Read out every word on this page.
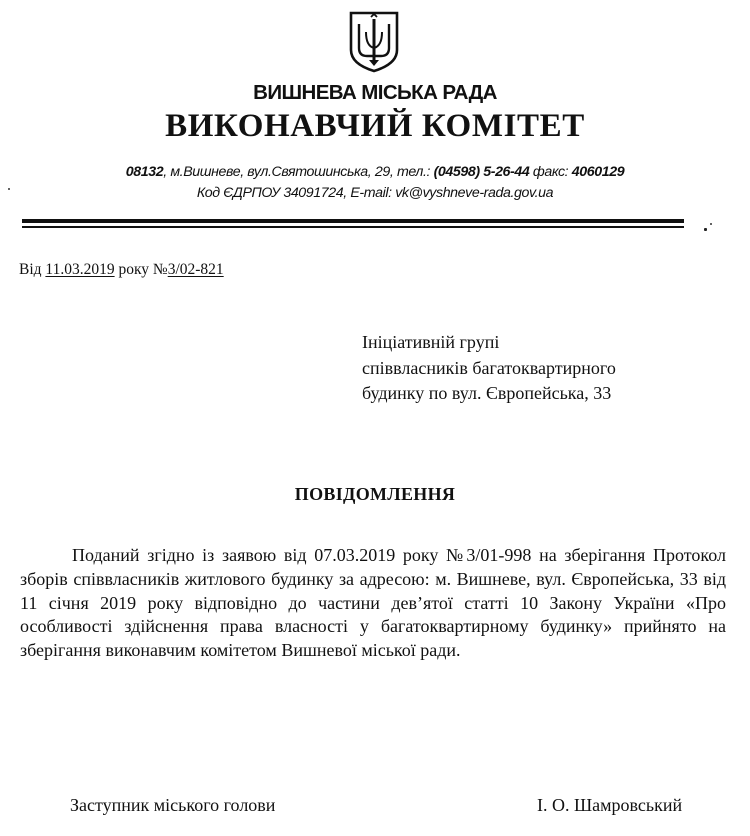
ВИШНЕВА МІСЬКА РАДА
ВИКОНАВЧИЙ КОМІТЕТ
08132, м.Вишневе, вул.Святошинська, 29, тел.: (04598) 5-26-44 факс: 4060129
Код ЄДРПОУ 34091724, E-mail: vk@vyshneve-rada.gov.ua
Від 11.03.2019 року №3/02-821
Ініціативній групі
співвласників багатоквартирного
будинку по вул. Європейська, 33
ПОВІДОМЛЕННЯ
Поданий згідно із заявою від 07.03.2019 року №3/01-998 на зберігання Протокол зборів співвласників житлового будинку за адресою: м. Вишневе, вул. Європейська, 33 від 11 січня 2019 року відповідно до частини дев’ятої статті 10 Закону України «Про особливості здійснення права власності у багатоквартирному будинку» прийнято на зберігання виконавчим комітетом Вишневої міської ради.
Заступник міського голови	І. О. Шамровський
